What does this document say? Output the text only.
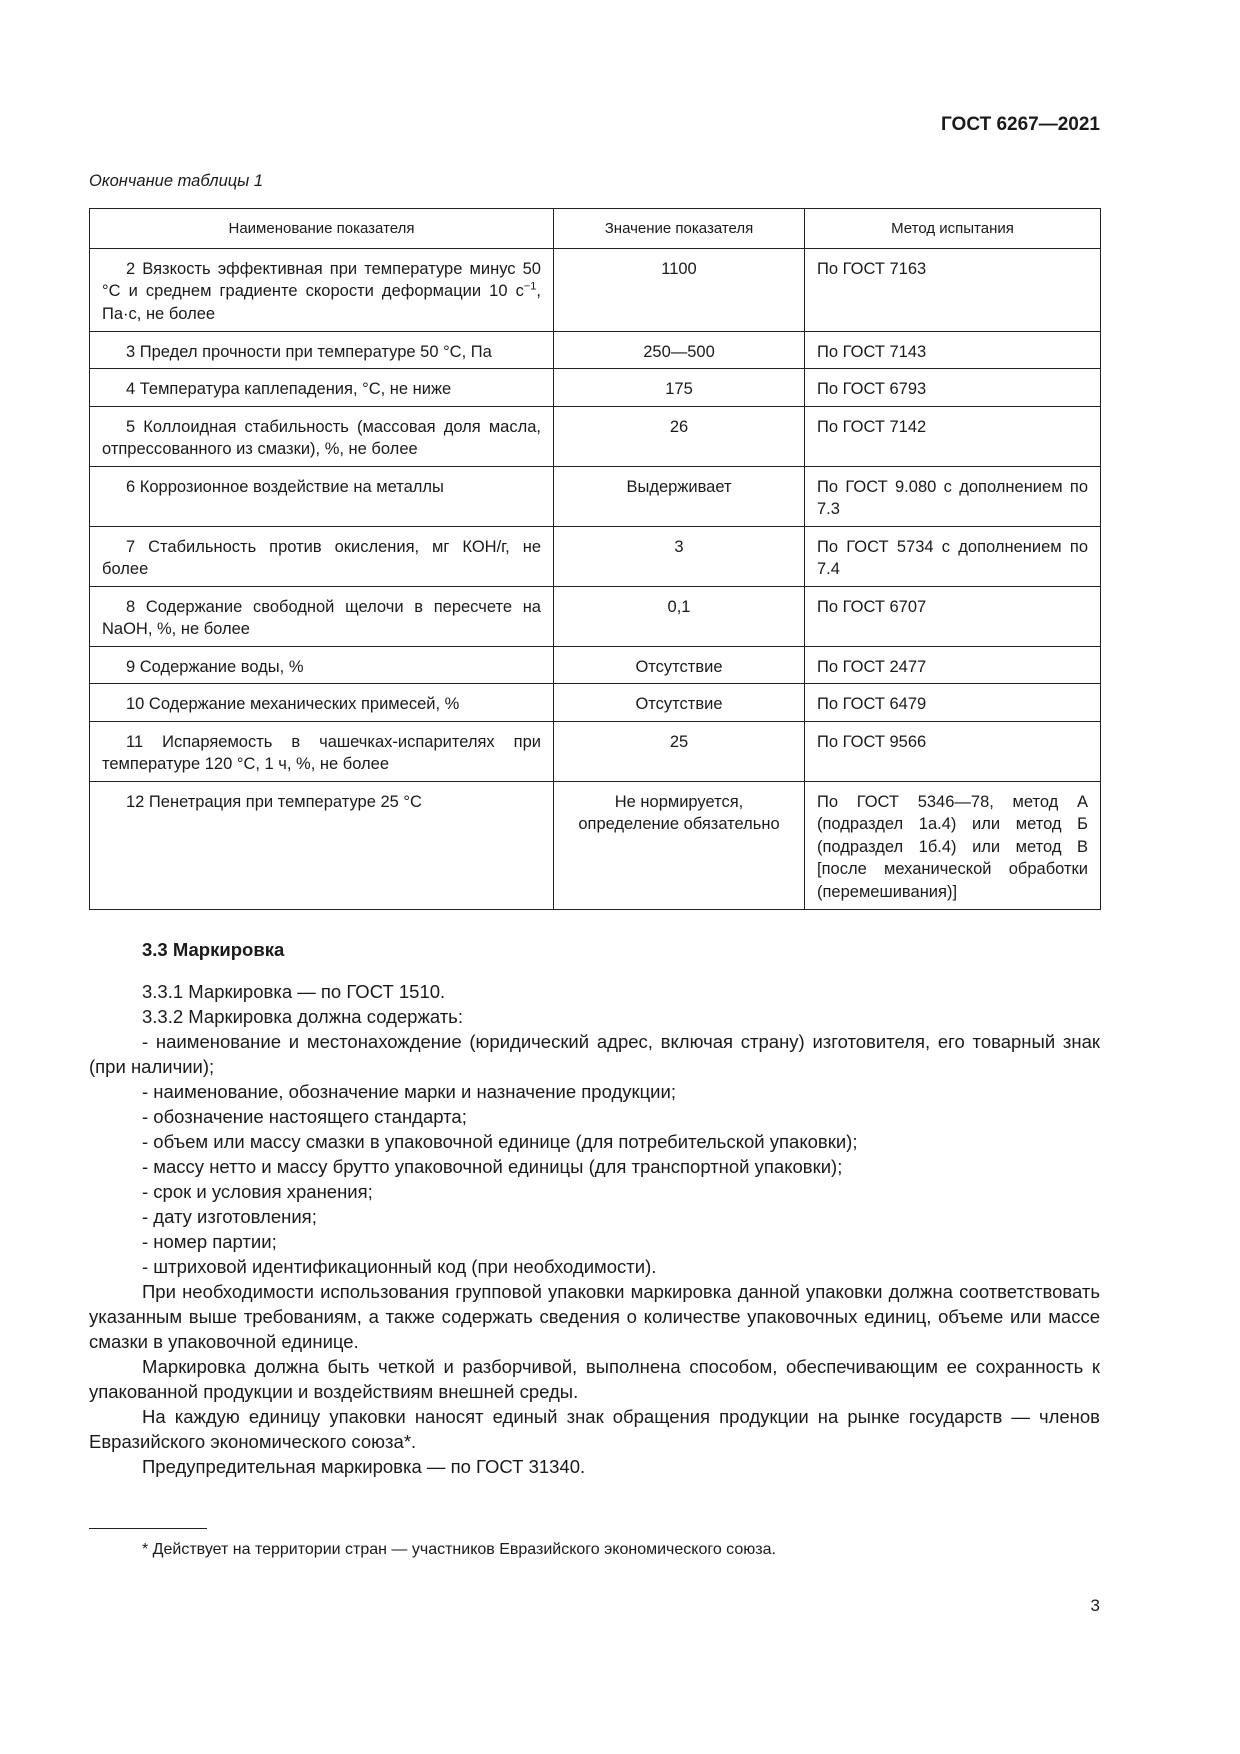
ГОСТ 6267—2021
Окончание таблицы 1
Наименование показателя	Значение показателя	Метод испытания
2 Вязкость эффективная при температуре минус 50 °С и среднем градиенте скорости деформации 10 $с^{-1}$, Па·с, не более	1100	По ГОСТ 7163
3 Предел прочности при температуре 50 °С, Па	250—500	По ГОСТ 7143
4 Температура каплепадения, °С, не ниже	175	По ГОСТ 6793
5 Коллоидная стабильность (массовая доля масла, отпрессованного из смазки), %, не более	26	По ГОСТ 7142
6 Коррозионное воздействие на металлы	Выдерживает	По ГОСТ 9.080 с дополнением по 7.3
7 Стабильность против окисления, мг КОН/г, не более	3	По ГОСТ 5734 с дополнением по 7.4
8 Содержание свободной щелочи в пересчете на NaOH, %, не более	0,1	По ГОСТ 6707
9 Содержание воды, %	Отсутствие	По ГОСТ 2477
10 Содержание механических примесей, %	Отсутствие	По ГОСТ 6479
11 Испаряемость в чашечках-испарителях при температуре 120 °С, 1 ч, %, не более	25	По ГОСТ 9566
12 Пенетрация при температуре 25 °С	Не нормируется, определение обязательно	По ГОСТ 5346—78, метод А (подраздел 1а.4) или метод Б (подраздел 1б.4) или метод В [после механической обработки (перемешивания)]
3.3 Маркировка

3.3.1 Маркировка — по ГОСТ 1510.

3.3.2 Маркировка должна содержать:

- наименование и местонахождение (юридический адрес, включая страну) изготовителя, его товарный знак (при наличии);

- наименование, обозначение марки и назначение продукции;

- обозначение настоящего стандарта;

- объем или массу смазки в упаковочной единице (для потребительской упаковки);

- массу нетто и массу брутто упаковочной единицы (для транспортной упаковки);

- срок и условия хранения;

- дату изготовления;

- номер партии;

- штриховой идентификационный код (при необходимости).

При необходимости использования групповой упаковки маркировка данной упаковки должна соответствовать указанным выше требованиям, а также содержать сведения о количестве упаковочных единиц, объеме или массе смазки в упаковочной единице.

Маркировка должна быть четкой и разборчивой, выполнена способом, обеспечивающим ее сохранность к упакованной продукции и воздействиям внешней среды.

На каждую единицу упаковки наносят единый знак обращения продукции на рынке государств — членов Евразийского экономического союза*.

Предупредительная маркировка — по ГОСТ 31340.

* Действует на территории стран — участников Евразийского экономического союза.
3
